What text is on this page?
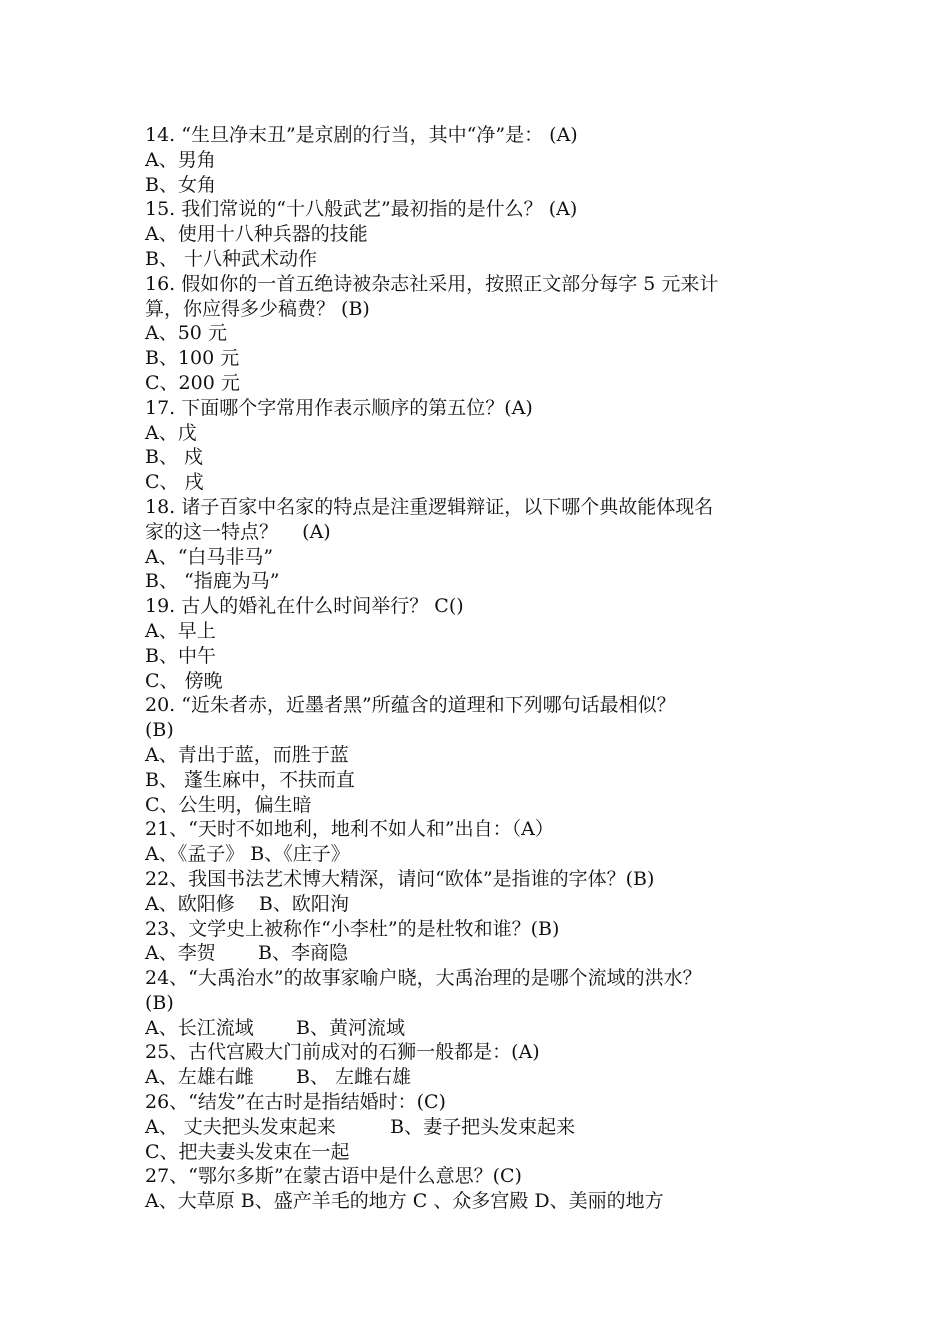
14. “生旦净末丑”是京剧的行当，其中“净”是： (A)
A、男角
B、女角
15. 我们常说的“十八般武艺”最初指的是什么？ (A)
A、使用十八种兵器的技能
B、 十八种武术动作
16. 假如你的一首五绝诗被杂志社采用，按照正文部分每字 5 元来计
算，你应得多少稿费？ (B)
A、50 元
B、100 元
C、200 元
17. 下面哪个字常用作表示顺序的第五位？(A)
A、戊
B、 戍
C、 戌
18. 诸子百家中名家的特点是注重逻辑辩证，以下哪个典故能体现名
家的这一特点？    (A)
A、“白马非马”
B、 “指鹿为马”
19. 古人的婚礼在什么时间举行？ C()
A、早上
B、中午
C、 傍晚
20. “近朱者赤，近墨者黑”所蕴含的道理和下列哪句话最相似？
(B)
A、青出于蓝，而胜于蓝
B、 蓬生麻中，不扶而直
C、公生明，偏生暗
21、“天时不如地利，地利不如人和”出自：（A）
A、《孟子》 B、《庄子》
22、我国书法艺术博大精深，请问“欧体”是指谁的字体？(B)
A、欧阳修    B、欧阳洵
23、文学史上被称作“小李杜”的是杜牧和谁？(B)
A、李贺       B、李商隐
24、“大禹治水”的故事家喻户晓，大禹治理的是哪个流域的洪水？
(B)
A、长江流域       B、黄河流域
25、古代宫殿大门前成对的石狮一般都是：(A)
A、左雄右雌       B、 左雌右雄
26、“结发”在古时是指结婚时：(C)
A、 丈夫把头发束起来         B、妻子把头发束起来
C、把夫妻头发束在一起
27、“鄂尔多斯”在蒙古语中是什么意思？(C)
A、大草原 B、盛产羊毛的地方 C 、众多宫殿 D、美丽的地方
